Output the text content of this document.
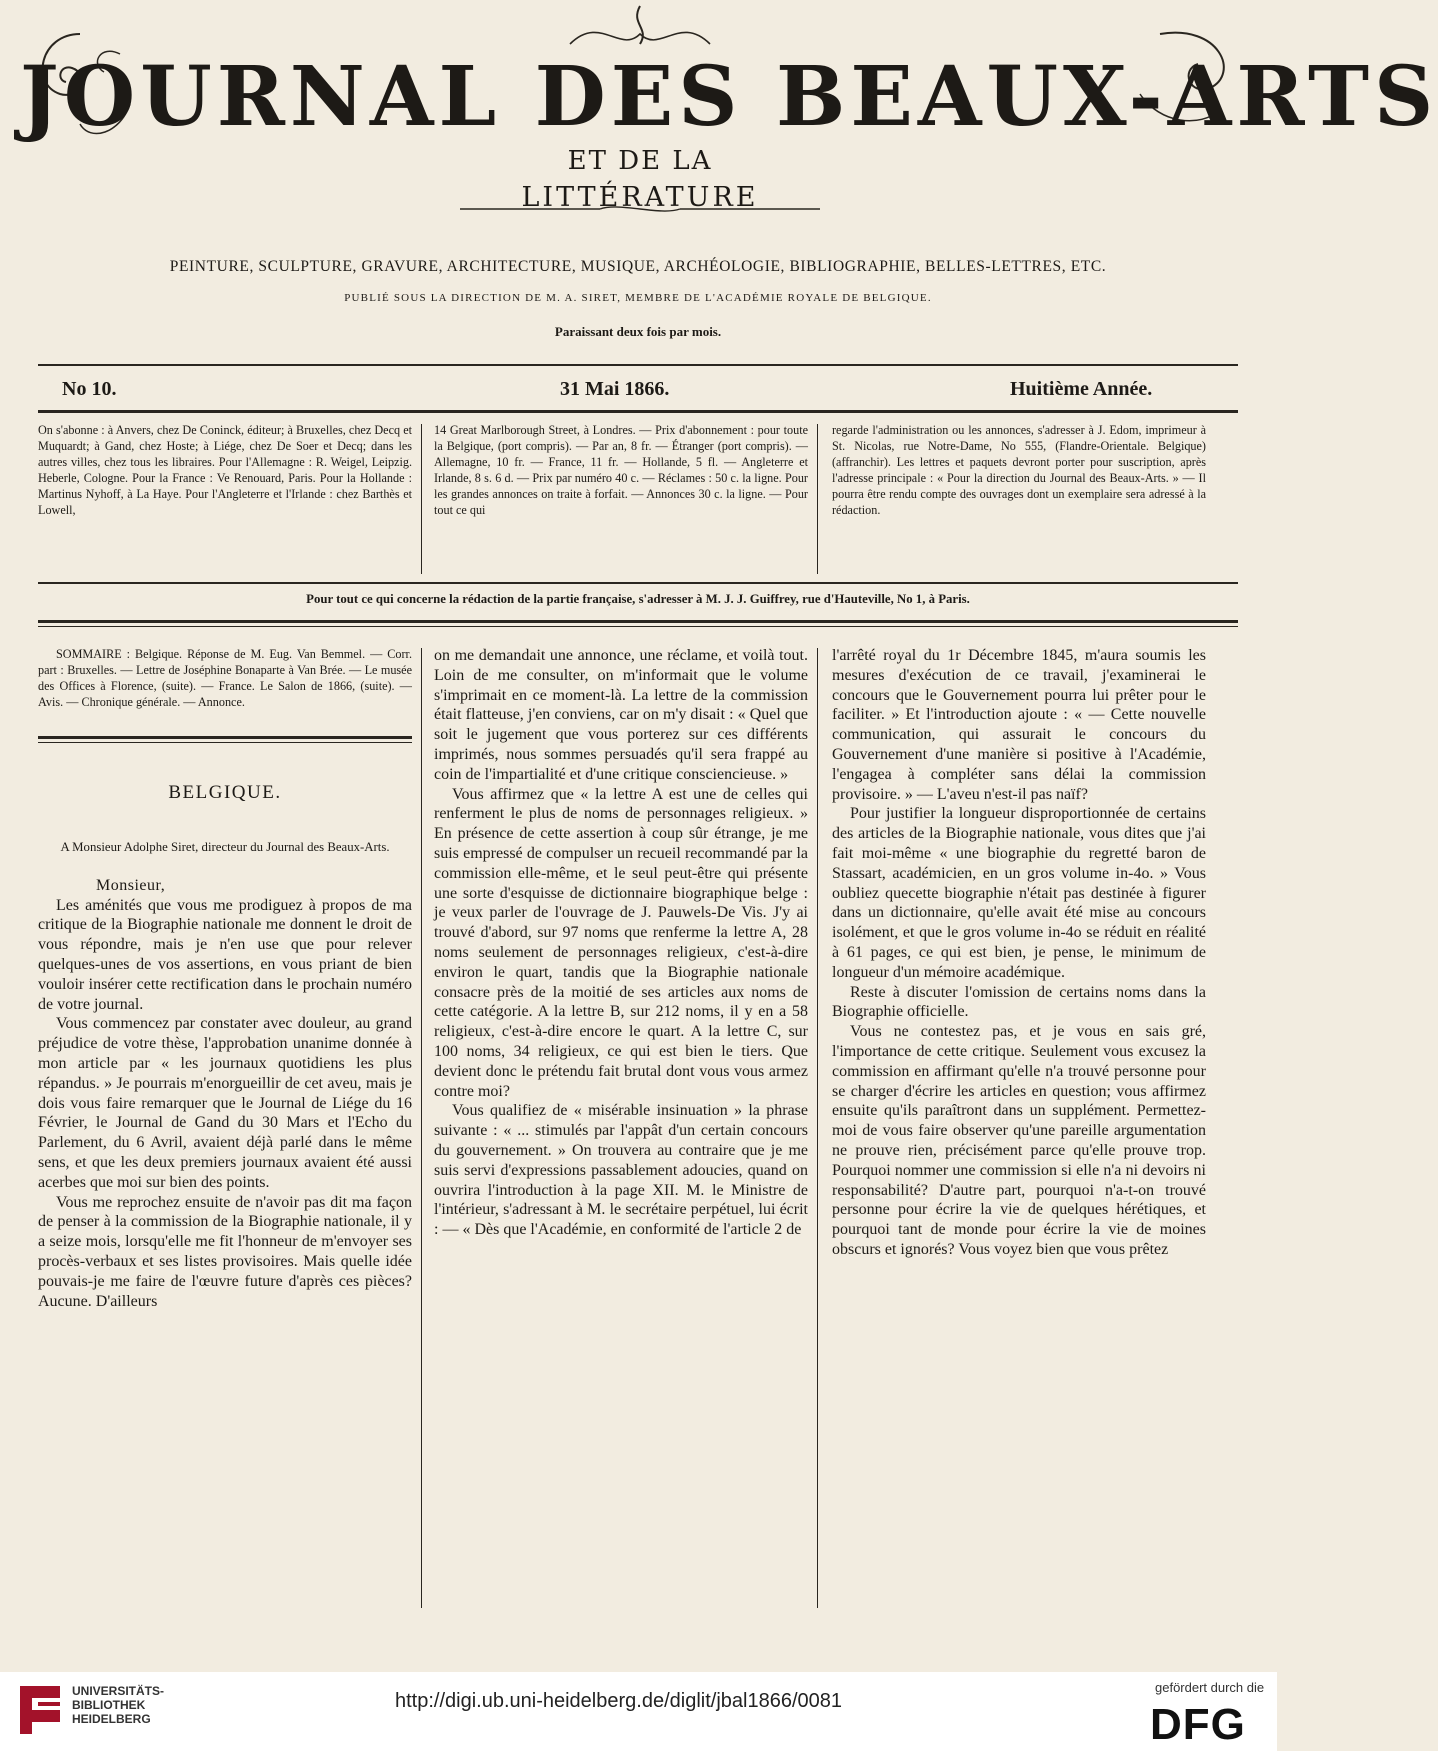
JOURNAL DES BEAUX-ARTS
ET DE LA
LITTÉRATURE
PEINTURE, SCULPTURE, GRAVURE, ARCHITECTURE, MUSIQUE, ARCHÉOLOGIE, BIBLIOGRAPHIE, BELLES-LETTRES, ETC.
PUBLIÉ SOUS LA DIRECTION DE M. A. SIRET, MEMBRE DE L'ACADÉMIE ROYALE DE BELGIQUE.
Paraissant deux fois par mois.
No 10.	31 Mai 1866.	Huitième Année.
On s'abonne : à Anvers, chez De Coninck, éditeur; à Bruxelles, chez Decq et Muquardt; à Gand, chez Hoste; à Liége, chez De Soer et Decq; dans les autres villes, chez tous les libraires. Pour l'Allemagne : R. Weigel, Leipzig. Heberle, Cologne. Pour la France : Ve Renouard, Paris. Pour la Hollande : Martinus Nyhoff, à La Haye. Pour l'Angleterre et l'Irlande : chez Barthès et Lowell,
14 Great Marlborough Street, à Londres. — Prix d'abonnement : pour toute la Belgique, (port compris). — Par an, 8 fr. — Étranger (port compris). — Allemagne, 10 fr. — France, 11 fr. — Hollande, 5 fl. — Angleterre et Irlande, 8 s. 6 d. — Prix par numéro 40 c. — Réclames : 50 c. la ligne. Pour les grandes annonces on traite à forfait. — Annonces 30 c. la ligne. — Pour tout ce qui
regarde l'administration ou les annonces, s'adresser à J. Edom, imprimeur à St. Nicolas, rue Notre-Dame, No 555, (Flandre-Orientale. Belgique) (affranchir). Les lettres et paquets devront porter pour suscription, après l'adresse principale : « Pour la direction du Journal des Beaux-Arts. » — Il pourra être rendu compte des ouvrages dont un exemplaire sera adressé à la rédaction.
Pour tout ce qui concerne la rédaction de la partie française, s'adresser à M. J. J. Guiffrey, rue d'Hauteville, No 1, à Paris.

SOMMAIRE : Belgique. Réponse de M. Eug. Van Bemmel. — Corr. part : Bruxelles. — Lettre de Joséphine Bonaparte à Van Brée. — Le musée des Offices à Florence, (suite). — France. Le Salon de 1866, (suite). — Avis. — Chronique générale. — Annonce.

BELGIQUE.
A Monsieur Adolphe Siret, directeur du Journal des Beaux-Arts.

Monsieur,

Les aménités que vous me prodiguez à propos de ma critique de la Biographie nationale me donnent le droit de vous répondre, mais je n'en use que pour relever quelques-unes de vos assertions, en vous priant de bien vouloir insérer cette rectification dans le prochain numéro de votre journal.

Vous commencez par constater avec douleur, au grand préjudice de votre thèse, l'approbation unanime donnée à mon article par « les journaux quotidiens les plus répandus. » Je pourrais m'enorgueillir de cet aveu, mais je dois vous faire remarquer que le Journal de Liége du 16 Février, le Journal de Gand du 30 Mars et l'Echo du Parlement, du 6 Avril, avaient déjà parlé dans le même sens, et que les deux premiers journaux avaient été aussi acerbes que moi sur bien des points.

Vous me reprochez ensuite de n'avoir pas dit ma façon de penser à la commission de la Biographie nationale, il y a seize mois, lorsqu'elle me fit l'honneur de m'envoyer ses procès-verbaux et ses listes provisoires. Mais quelle idée pouvais-je me faire de l'œuvre future d'après ces pièces? Aucune. D'ailleurs

on me demandait une annonce, une réclame, et voilà tout. Loin de me consulter, on m'informait que le volume s'imprimait en ce moment-là. La lettre de la commission était flatteuse, j'en conviens, car on m'y disait : « Quel que soit le jugement que vous porterez sur ces différents imprimés, nous sommes persuadés qu'il sera frappé au coin de l'impartialité et d'une critique consciencieuse. »

Vous affirmez que « la lettre A est une de celles qui renferment le plus de noms de personnages religieux. » En présence de cette assertion à coup sûr étrange, je me suis empressé de compulser un recueil recommandé par la commission elle-même, et le seul peut-être qui présente une sorte d'esquisse de dictionnaire biographique belge : je veux parler de l'ouvrage de J. Pauwels-De Vis. J'y ai trouvé d'abord, sur 97 noms que renferme la lettre A, 28 noms seulement de personnages religieux, c'est-à-dire environ le quart, tandis que la Biographie nationale consacre près de la moitié de ses articles aux noms de cette catégorie. A la lettre B, sur 212 noms, il y en a 58 religieux, c'est-à-dire encore le quart. A la lettre C, sur 100 noms, 34 religieux, ce qui est bien le tiers. Que devient donc le prétendu fait brutal dont vous vous armez contre moi?

Vous qualifiez de « misérable insinuation » la phrase suivante : « ... stimulés par l'appât d'un certain concours du gouvernement. » On trouvera au contraire que je me suis servi d'expressions passablement adoucies, quand on ouvrira l'introduction à la page XII. M. le Ministre de l'intérieur, s'adressant à M. le secrétaire perpétuel, lui écrit : — « Dès que l'Académie, en conformité de l'article 2 de

l'arrêté royal du 1r Décembre 1845, m'aura soumis les mesures d'exécution de ce travail, j'examinerai le concours que le Gouvernement pourra lui prêter pour le faciliter. » Et l'introduction ajoute : « — Cette nouvelle communication, qui assurait le concours du Gouvernement d'une manière si positive à l'Académie, l'engagea à compléter sans délai la commission provisoire. » — L'aveu n'est-il pas naïf?

Pour justifier la longueur disproportionnée de certains des articles de la Biographie nationale, vous dites que j'ai fait moi-même « une biographie du regretté baron de Stassart, académicien, en un gros volume in-4o. » Vous oubliez quecette biographie n'était pas destinée à figurer dans un dictionnaire, qu'elle avait été mise au concours isolément, et que le gros volume in-4o se réduit en réalité à 61 pages, ce qui est bien, je pense, le minimum de longueur d'un mémoire académique.

Reste à discuter l'omission de certains noms dans la Biographie officielle.

Vous ne contestez pas, et je vous en sais gré, l'importance de cette critique. Seulement vous excusez la commission en affirmant qu'elle n'a trouvé personne pour se charger d'écrire les articles en question; vous affirmez ensuite qu'ils paraîtront dans un supplément. Permettez-moi de vous faire observer qu'une pareille argumentation ne prouve rien, précisément parce qu'elle prouve trop. Pourquoi nommer une commission si elle n'a ni devoirs ni responsabilité? D'autre part, pourquoi n'a-t-on trouvé personne pour écrire la vie de quelques hérétiques, et pourquoi tant de monde pour écrire la vie de moines obscurs et ignorés? Vous voyez bien que vous prêtez

UNIVERSITÄTS-
BIBLIOTHEK
HEIDELBERG
http://digi.ub.uni-heidelberg.de/diglit/jbal1866/0081
gefördert durch die
DFG
